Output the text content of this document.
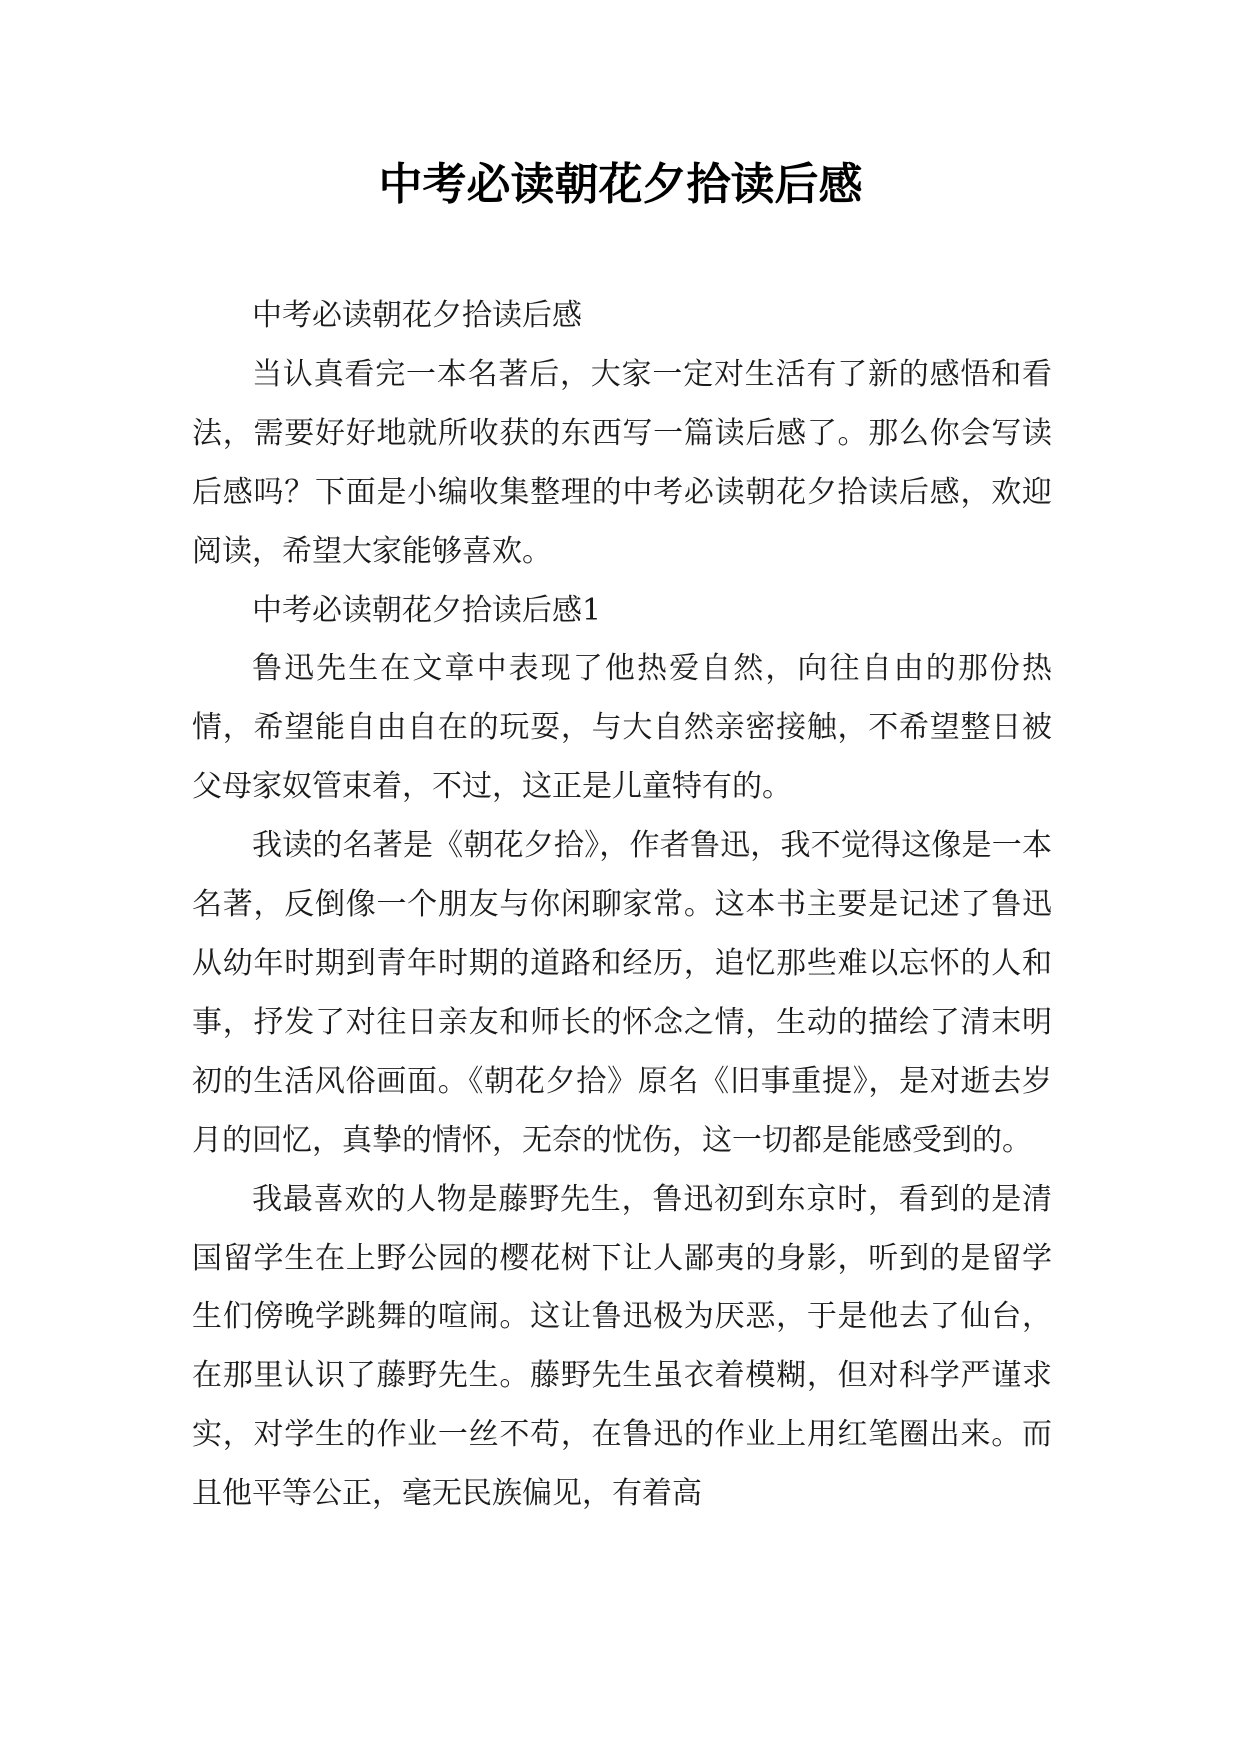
中考必读朝花夕拾读后感

中考必读朝花夕拾读后感

当认真看完一本名著后，大家一定对生活有了新的感悟和看法，需要好好地就所收获的东西写一篇读后感了。那么你会写读后感吗？下面是小编收集整理的中考必读朝花夕拾读后感，欢迎阅读，希望大家能够喜欢。

中考必读朝花夕拾读后感1

鲁迅先生在文章中表现了他热爱自然，向往自由的那份热情，希望能自由自在的玩耍，与大自然亲密接触，不希望整日被父母家奴管束着，不过，这正是儿童特有的。

我读的名著是《朝花夕拾》，作者鲁迅，我不觉得这像是一本名著，反倒像一个朋友与你闲聊家常。这本书主要是记述了鲁迅从幼年时期到青年时期的道路和经历，追忆那些难以忘怀的人和事，抒发了对往日亲友和师长的怀念之情，生动的描绘了清末明初的生活风俗画面。《朝花夕拾》原名《旧事重提》，是对逝去岁月的回忆，真挚的情怀，无奈的忧伤，这一切都是能感受到的。

我最喜欢的人物是藤野先生，鲁迅初到东京时，看到的是清国留学生在上野公园的樱花树下让人鄙夷的身影，听到的是留学生们傍晚学跳舞的喧闹。这让鲁迅极为厌恶，于是他去了仙台，在那里认识了藤野先生。藤野先生虽衣着模糊，但对科学严谨求实，对学生的作业一丝不苟，在鲁迅的作业上用红笔圈出来。而且他平等公正，毫无民族偏见，有着高
